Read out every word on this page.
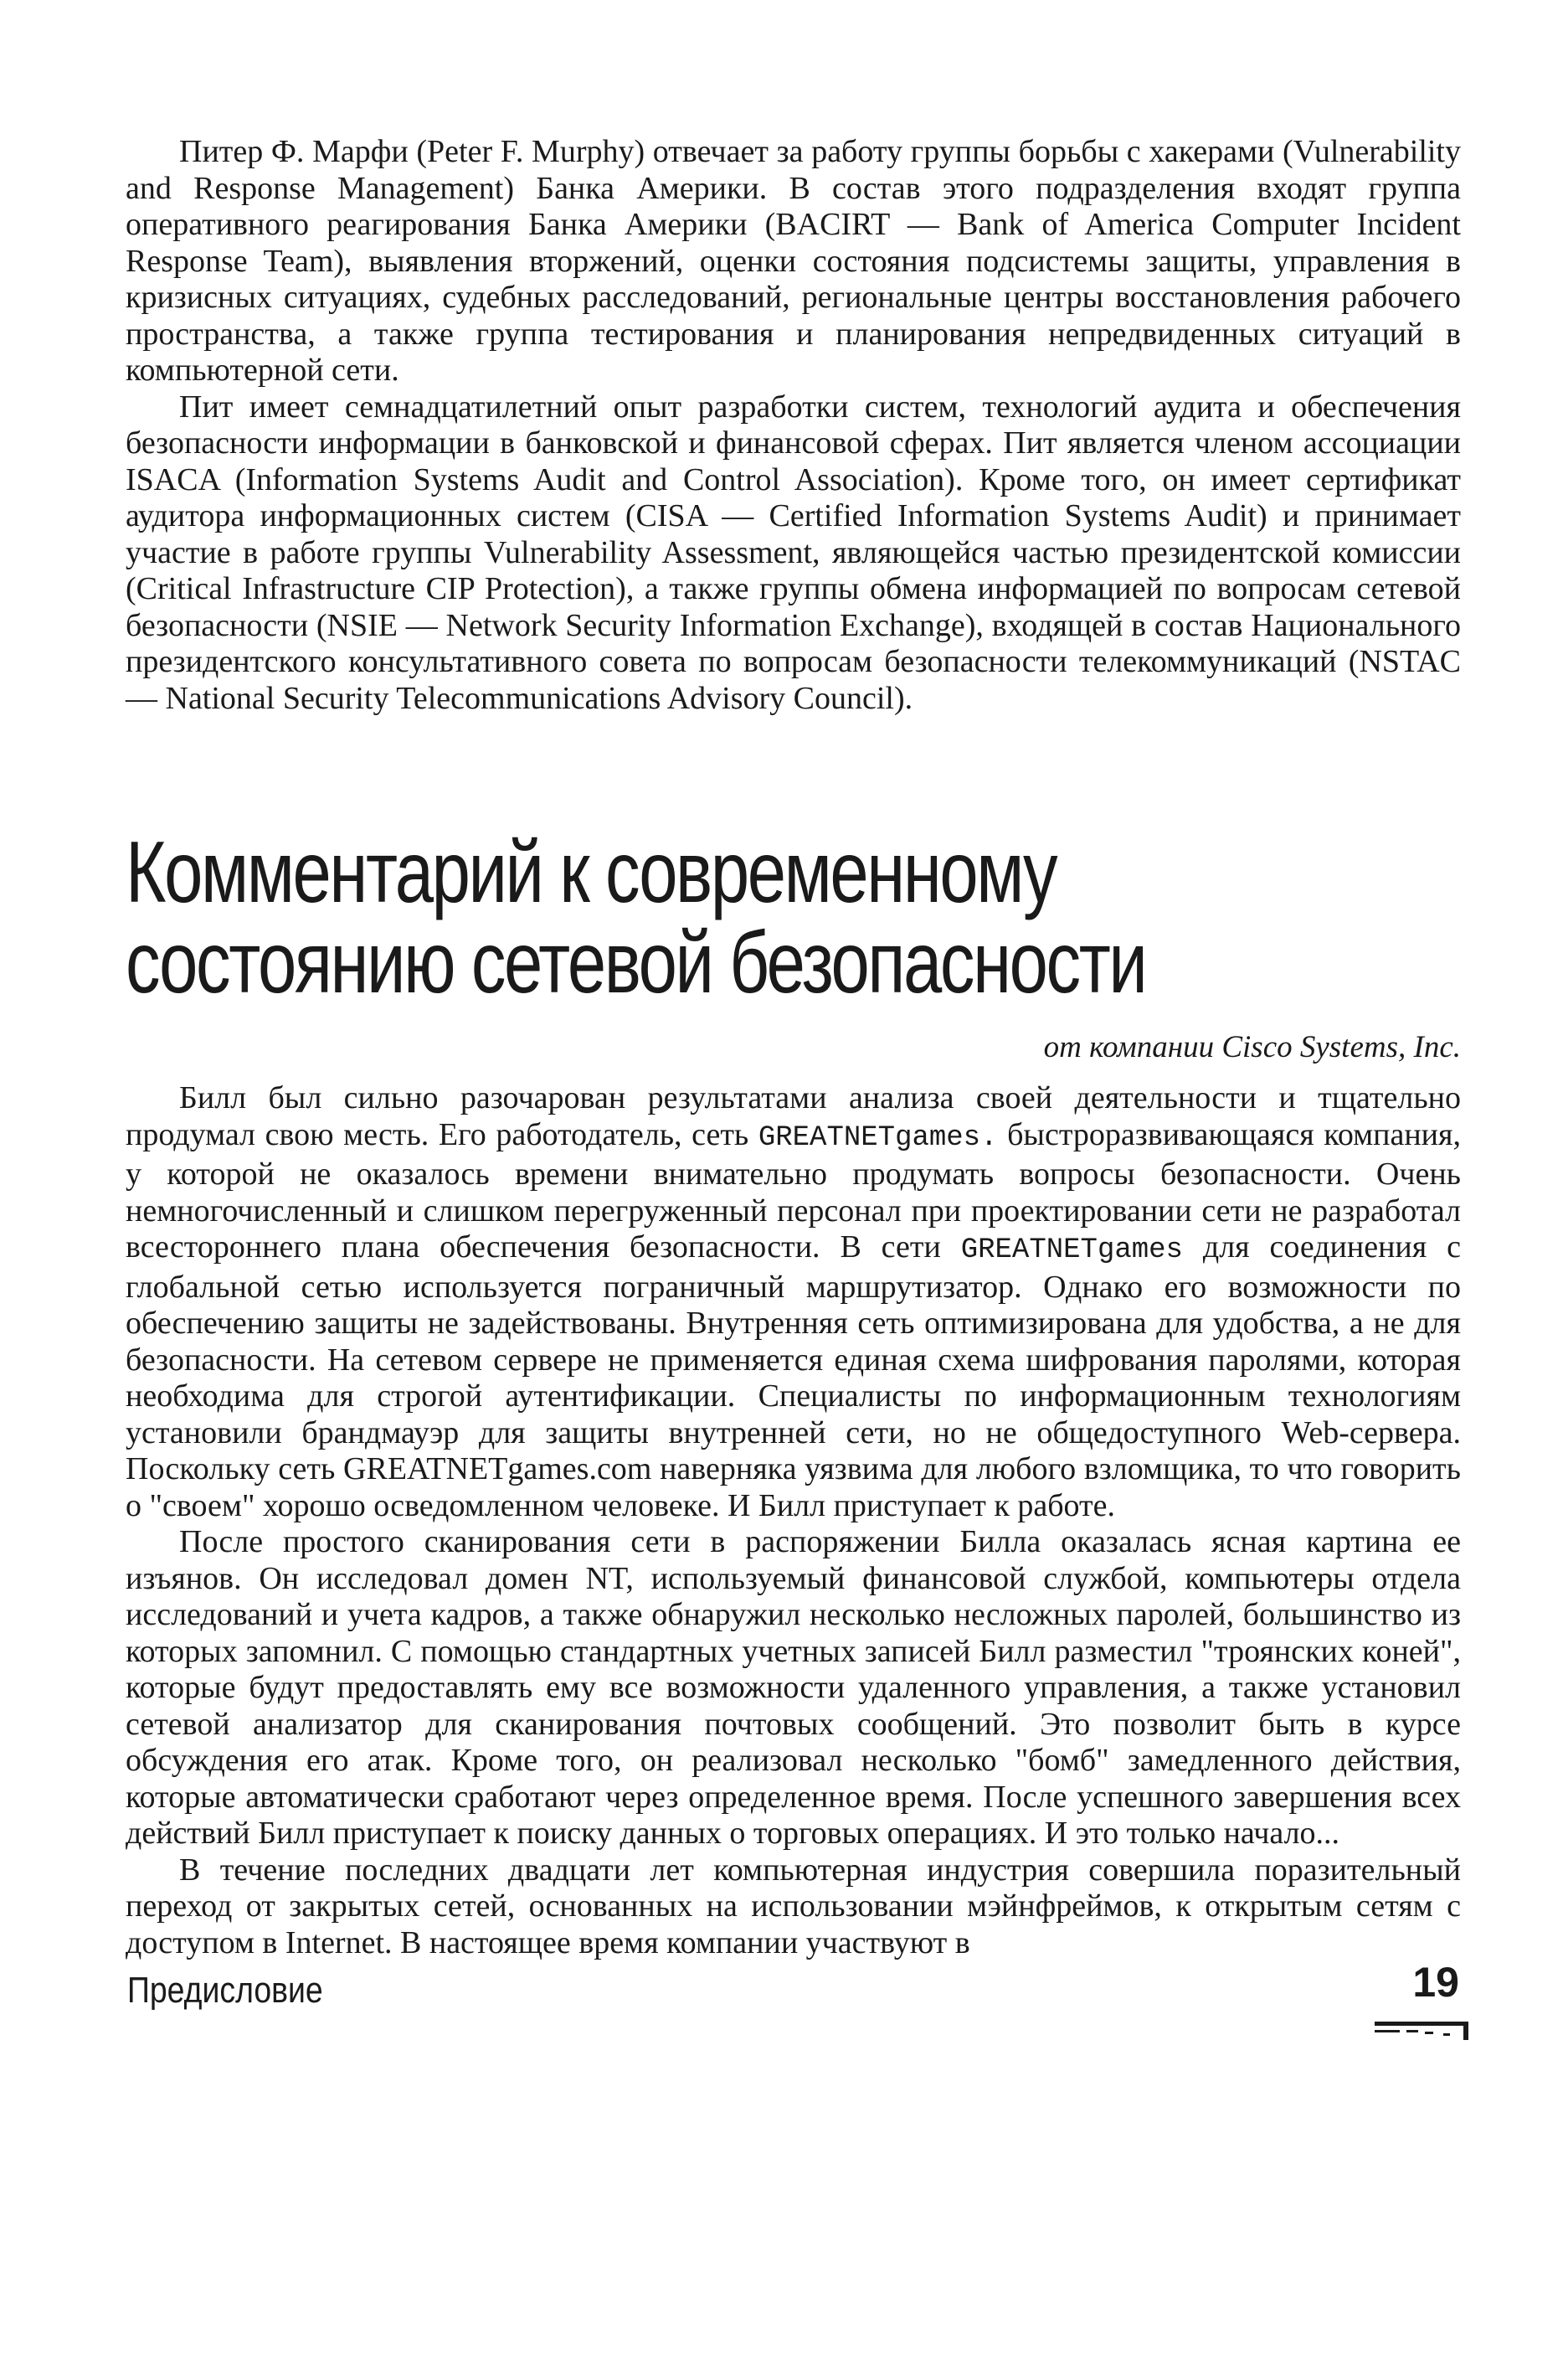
Питер Ф. Марфи (Peter F. Murphy) отвечает за работу группы борьбы с хакерами (Vulnerability and Response Management) Банка Америки. В состав этого подразделения входят группа оперативного реагирования Банка Америки (BACIRT — Bank of America Computer Incident Response Team), выявления вторжений, оценки состояния подсистемы защиты, управления в кризисных ситуациях, судебных расследований, региональные центры восстановления рабочего пространства, а также группа тестирования и планирования непредвиденных ситуаций в компьютерной сети.

Пит имеет семнадцатилетний опыт разработки систем, технологий аудита и обеспечения безопасности информации в банковской и финансовой сферах. Пит является членом ассоциации ISACA (Information Systems Audit and Control Association). Кроме того, он имеет сертификат аудитора информационных систем (CISA — Certified Information Systems Audit) и принимает участие в работе группы Vulnerability Assessment, являющейся частью президентской комиссии (Critical Infrastructure CIP Protection), а также группы обмена информацией по вопросам сетевой безопасности (NSIE — Network Security Information Exchange), входящей в состав Национального президентского консультативного совета по вопросам безопасности телекоммуникаций (NSTAC — National Security Telecommunications Advisory Council).

Комментарий к современному состоянию сетевой безопасности
от компании Cisco Systems, Inc.

Билл был сильно разочарован результатами анализа своей деятельности и тщательно продумал свою месть. Его работодатель, сеть GREATNETgames. быстроразвивающаяся компания, у которой не оказалось времени внимательно продумать вопросы безопасности. Очень немногочисленный и слишком перегруженный персонал при проектировании сети не разработал всестороннего плана обеспечения безопасности. В сети GREATNETgames для соединения с глобальной сетью используется пограничный маршрутизатор. Однако его возможности по обеспечению защиты не задействованы. Внутренняя сеть оптимизирована для удобства, а не для безопасности. На сетевом сервере не применяется единая схема шифрования паролями, которая необходима для строгой аутентификации. Специалисты по информационным технологиям установили брандмауэр для защиты внутренней сети, но не общедоступного Web-сервера. Поскольку сеть GREATNETgames.com наверняка уязвима для любого взломщика, то что говорить о "своем" хорошо осведомленном человеке. И Билл приступает к работе.

После простого сканирования сети в распоряжении Билла оказалась ясная картина ее изъянов. Он исследовал домен NT, используемый финансовой службой, компьютеры отдела исследований и учета кадров, а также обнаружил несколько несложных паролей, большинство из которых запомнил. С помощью стандартных учетных записей Билл разместил "троянских коней", которые будут предоставлять ему все возможности удаленного управления, а также установил сетевой анализатор для сканирования почтовых сообщений. Это позволит быть в курсе обсуждения его атак. Кроме того, он реализовал несколько "бомб" замедленного действия, которые автоматически сработают через определенное время. После успешного завершения всех действий Билл приступает к поиску данных о торговых операциях. И это только начало...

В течение последних двадцати лет компьютерная индустрия совершила поразительный переход от закрытых сетей, основанных на использовании мэйнфреймов, к открытым сетям с доступом в Internet. В настоящее время компании участвуют в

Предисловие	19
